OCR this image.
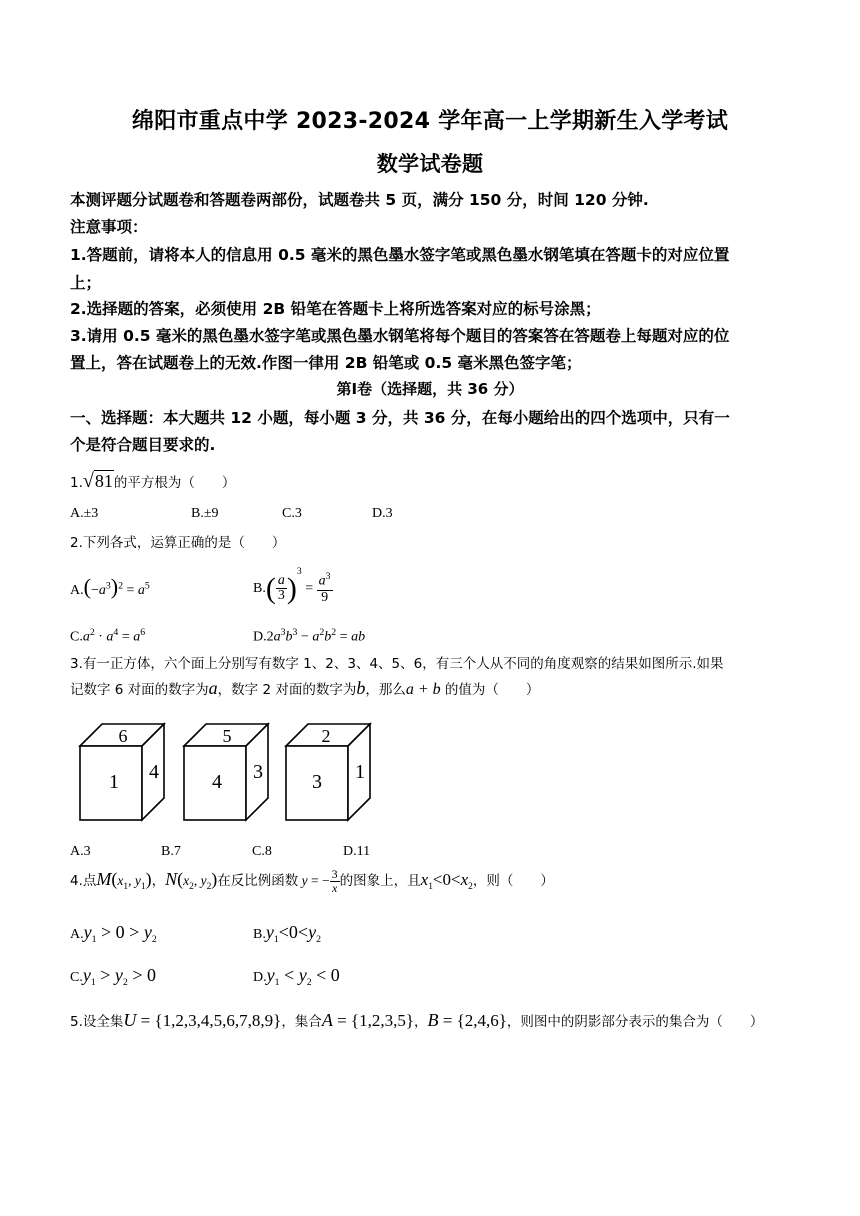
绵阳市重点中学 2023-2024 学年高一上学期新生入学考试
数学试卷题
本测评题分试题卷和答题卷两部份，试题卷共 5 页，满分 150 分，时间 120 分钟.
注意事项：
1.答题前，请将本人的信息用 0.5 毫米的黑色墨水签字笔或黑色墨水钢笔填在答题卡的对应位置
上；
2.选择题的答案，必须使用 2B 铅笔在答题卡上将所选答案对应的标号涂黑；
3.请用 0.5 毫米的黑色墨水签字笔或黑色墨水钢笔将每个题目的答案答在答题卷上每题对应的位
置上，答在试题卷上的无效.作图一律用 2B 铅笔或 0.5 毫米黑色签字笔；
第Ⅰ卷（选择题，共 36 分）
一、选择题：本大题共 12 小题，每小题 3 分，共 36 分，在每小题给出的四个选项中，只有一
个是符合题目要求的.
1.√81的平方根为（　　）
A.±3	B.±9	C.3	D.3
2.下列各式，运算正确的是（　　）
$A.(-a^3)^2 = a^5$	$B.( \frac{a}{3} )^3 = \frac{a^3}{9}$
$C.a^2 \cdot a^4 = a^6$	$D.2a^3b^3 - a^2b^2$ = ab
3.有一正方体，六个面上分别写有数字 1、2、3、4、5、6，有三个人从不同的角度观察的结果如图所示.如果
记数字 6 对面的数字为a，数字 2 对面的数字为b，那么a + b 的值为（　　）
6
1 4
5
4 3
2
3 1
A.3	B.7	C.8	D.11
4.点$M(x_1$, $y_1$)，$N(x_2$, $y_2$)在反比例函数 y = − $\frac{3}{x}$ 的图象上，且$x_1<0<x_2$，则（　　）
$A.y_1 > 0 > y_2$	$B.y_1<0<y_2$
$C.y_1 > y_2 > 0$	$D.y_1 < y_2 < 0$
5.设全集U = {1,2,3,4,5,6,7,8,9}，集合A = {1,2,3,5}，B = {2,4,6}，则图中的阴影部分表示的集合为（　　）
